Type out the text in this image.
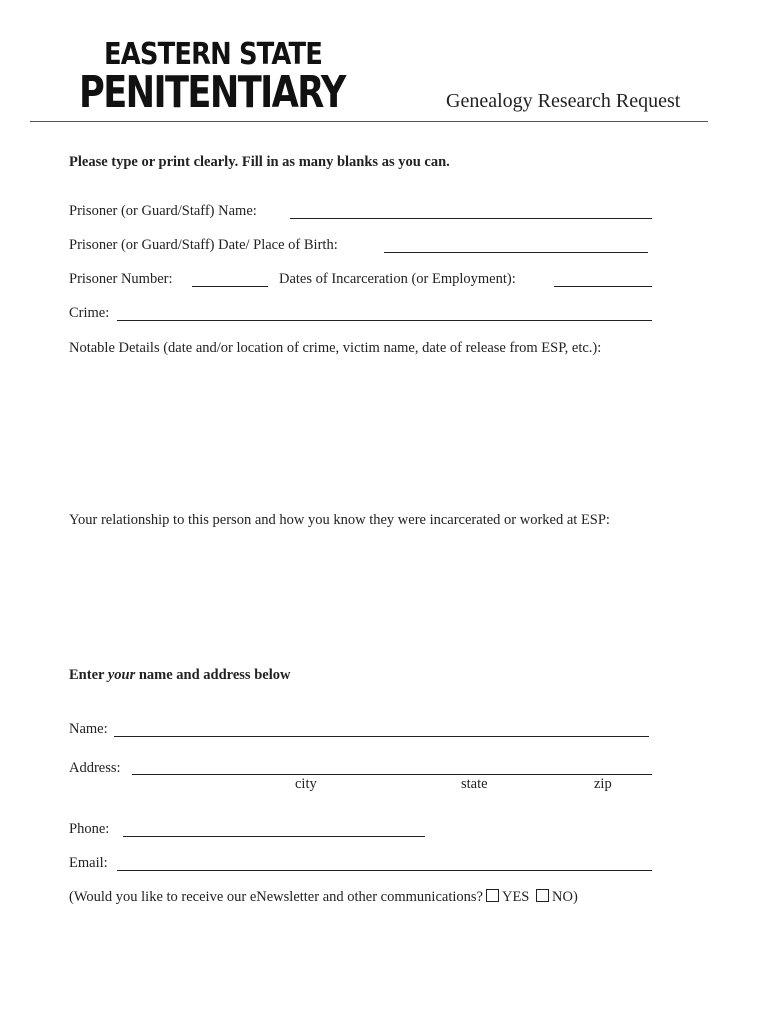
EASTERN STATE
PENITENTIARY	Genealogy Research Request
Please type or print clearly. Fill in as many blanks as you can.
Prisoner (or Guard/Staff) Name:
Prisoner (or Guard/Staff) Date/ Place of Birth:
Prisoner Number:	Dates of Incarceration (or Employment):
Crime:
Notable Details (date and/or location of crime, victim name, date of release from ESP, etc.):
Your relationship to this person and how you know they were incarcerated or worked at ESP:
Enter your name and address below
Name:
Address:
city	state	zip
Phone:
Email:
(Would you like to receive our eNewsletter and other communications? YES NO)
